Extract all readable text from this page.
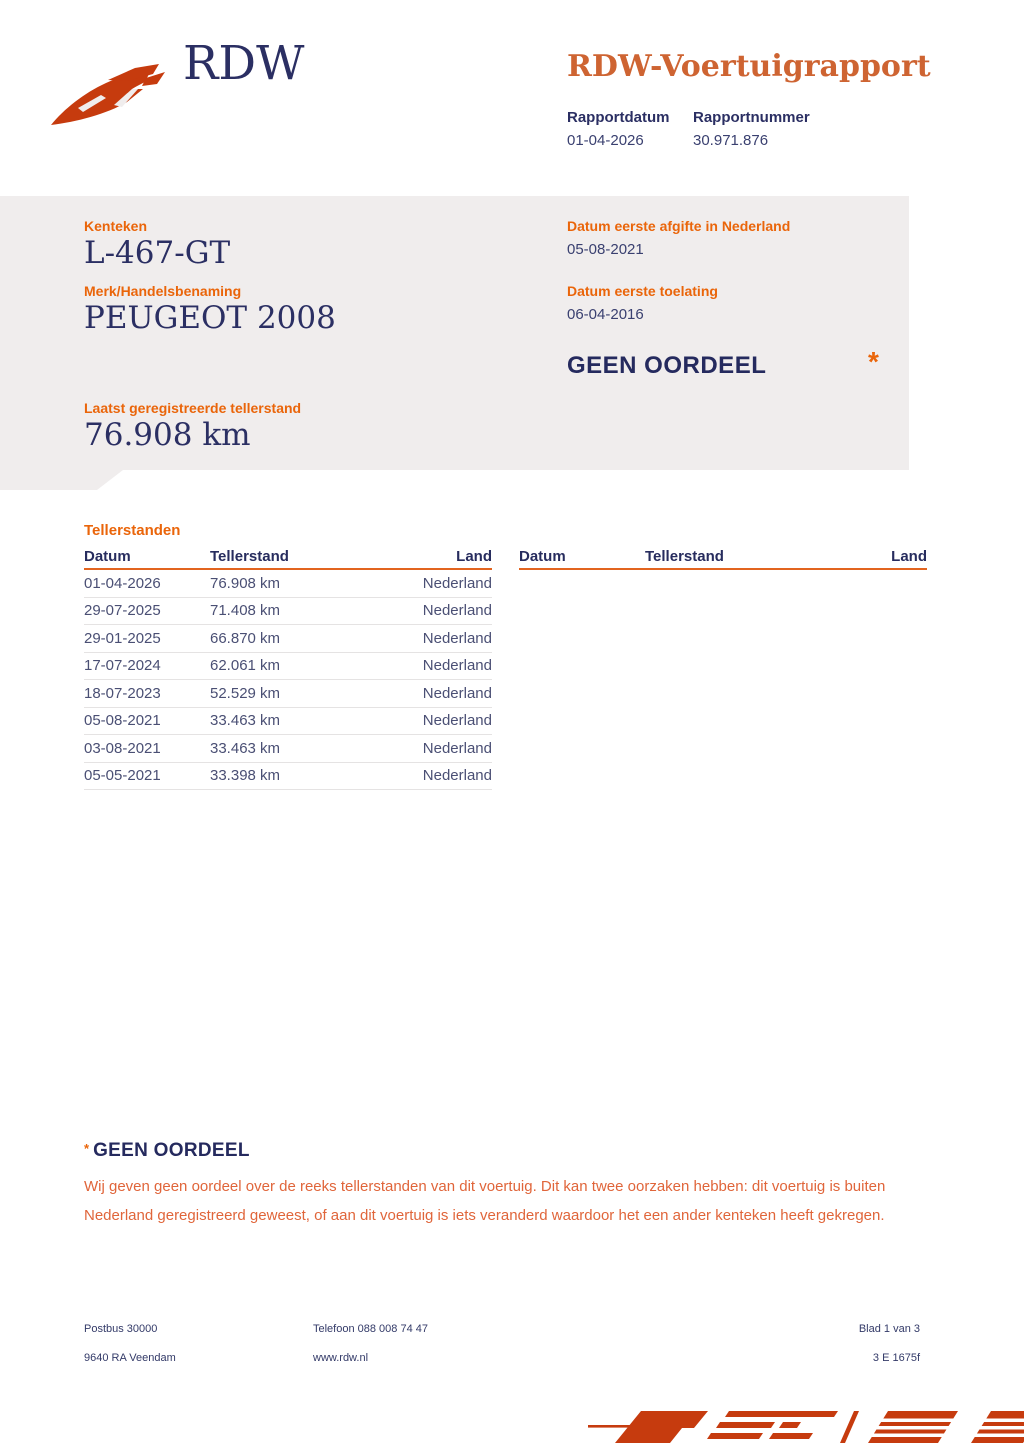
RDW	RDW-Voertuigrapport
Rapportdatum Rapportnummer
01-04-2026	30.971.876
Kenteken
L-467-GT
Merk/Handelsbenaming
PEUGEOT 2008
Datum eerste afgifte in Nederland
05-08-2021
Datum eerste toelating
06-04-2016
GEEN OORDEEL	*
Laatst geregistreerde tellerstand
76.908 km
Tellerstanden
Datum	Tellerstand	Land
01-04-2026	76.908 km	Nederland
29-07-2025	71.408 km	Nederland
29-01-2025	66.870 km	Nederland
17-07-2024	62.061 km	Nederland
18-07-2023	52.529 km	Nederland
05-08-2021	33.463 km	Nederland
03-08-2021	33.463 km	Nederland
05-05-2021	33.398 km	Nederland
Datum	Tellerstand	Land
* GEEN OORDEEL
Wij geven geen oordeel over de reeks tellerstanden van dit voertuig. Dit kan twee oorzaken hebben: dit voertuig is buiten Nederland geregistreerd geweest, of aan dit voertuig is iets veranderd waardoor het een ander kenteken heeft gekregen.
Postbus 30000	Telefoon 088 008 74 47	Blad 1 van 3
9640 RA Veendam	www.rdw.nl	3 E 1675f
